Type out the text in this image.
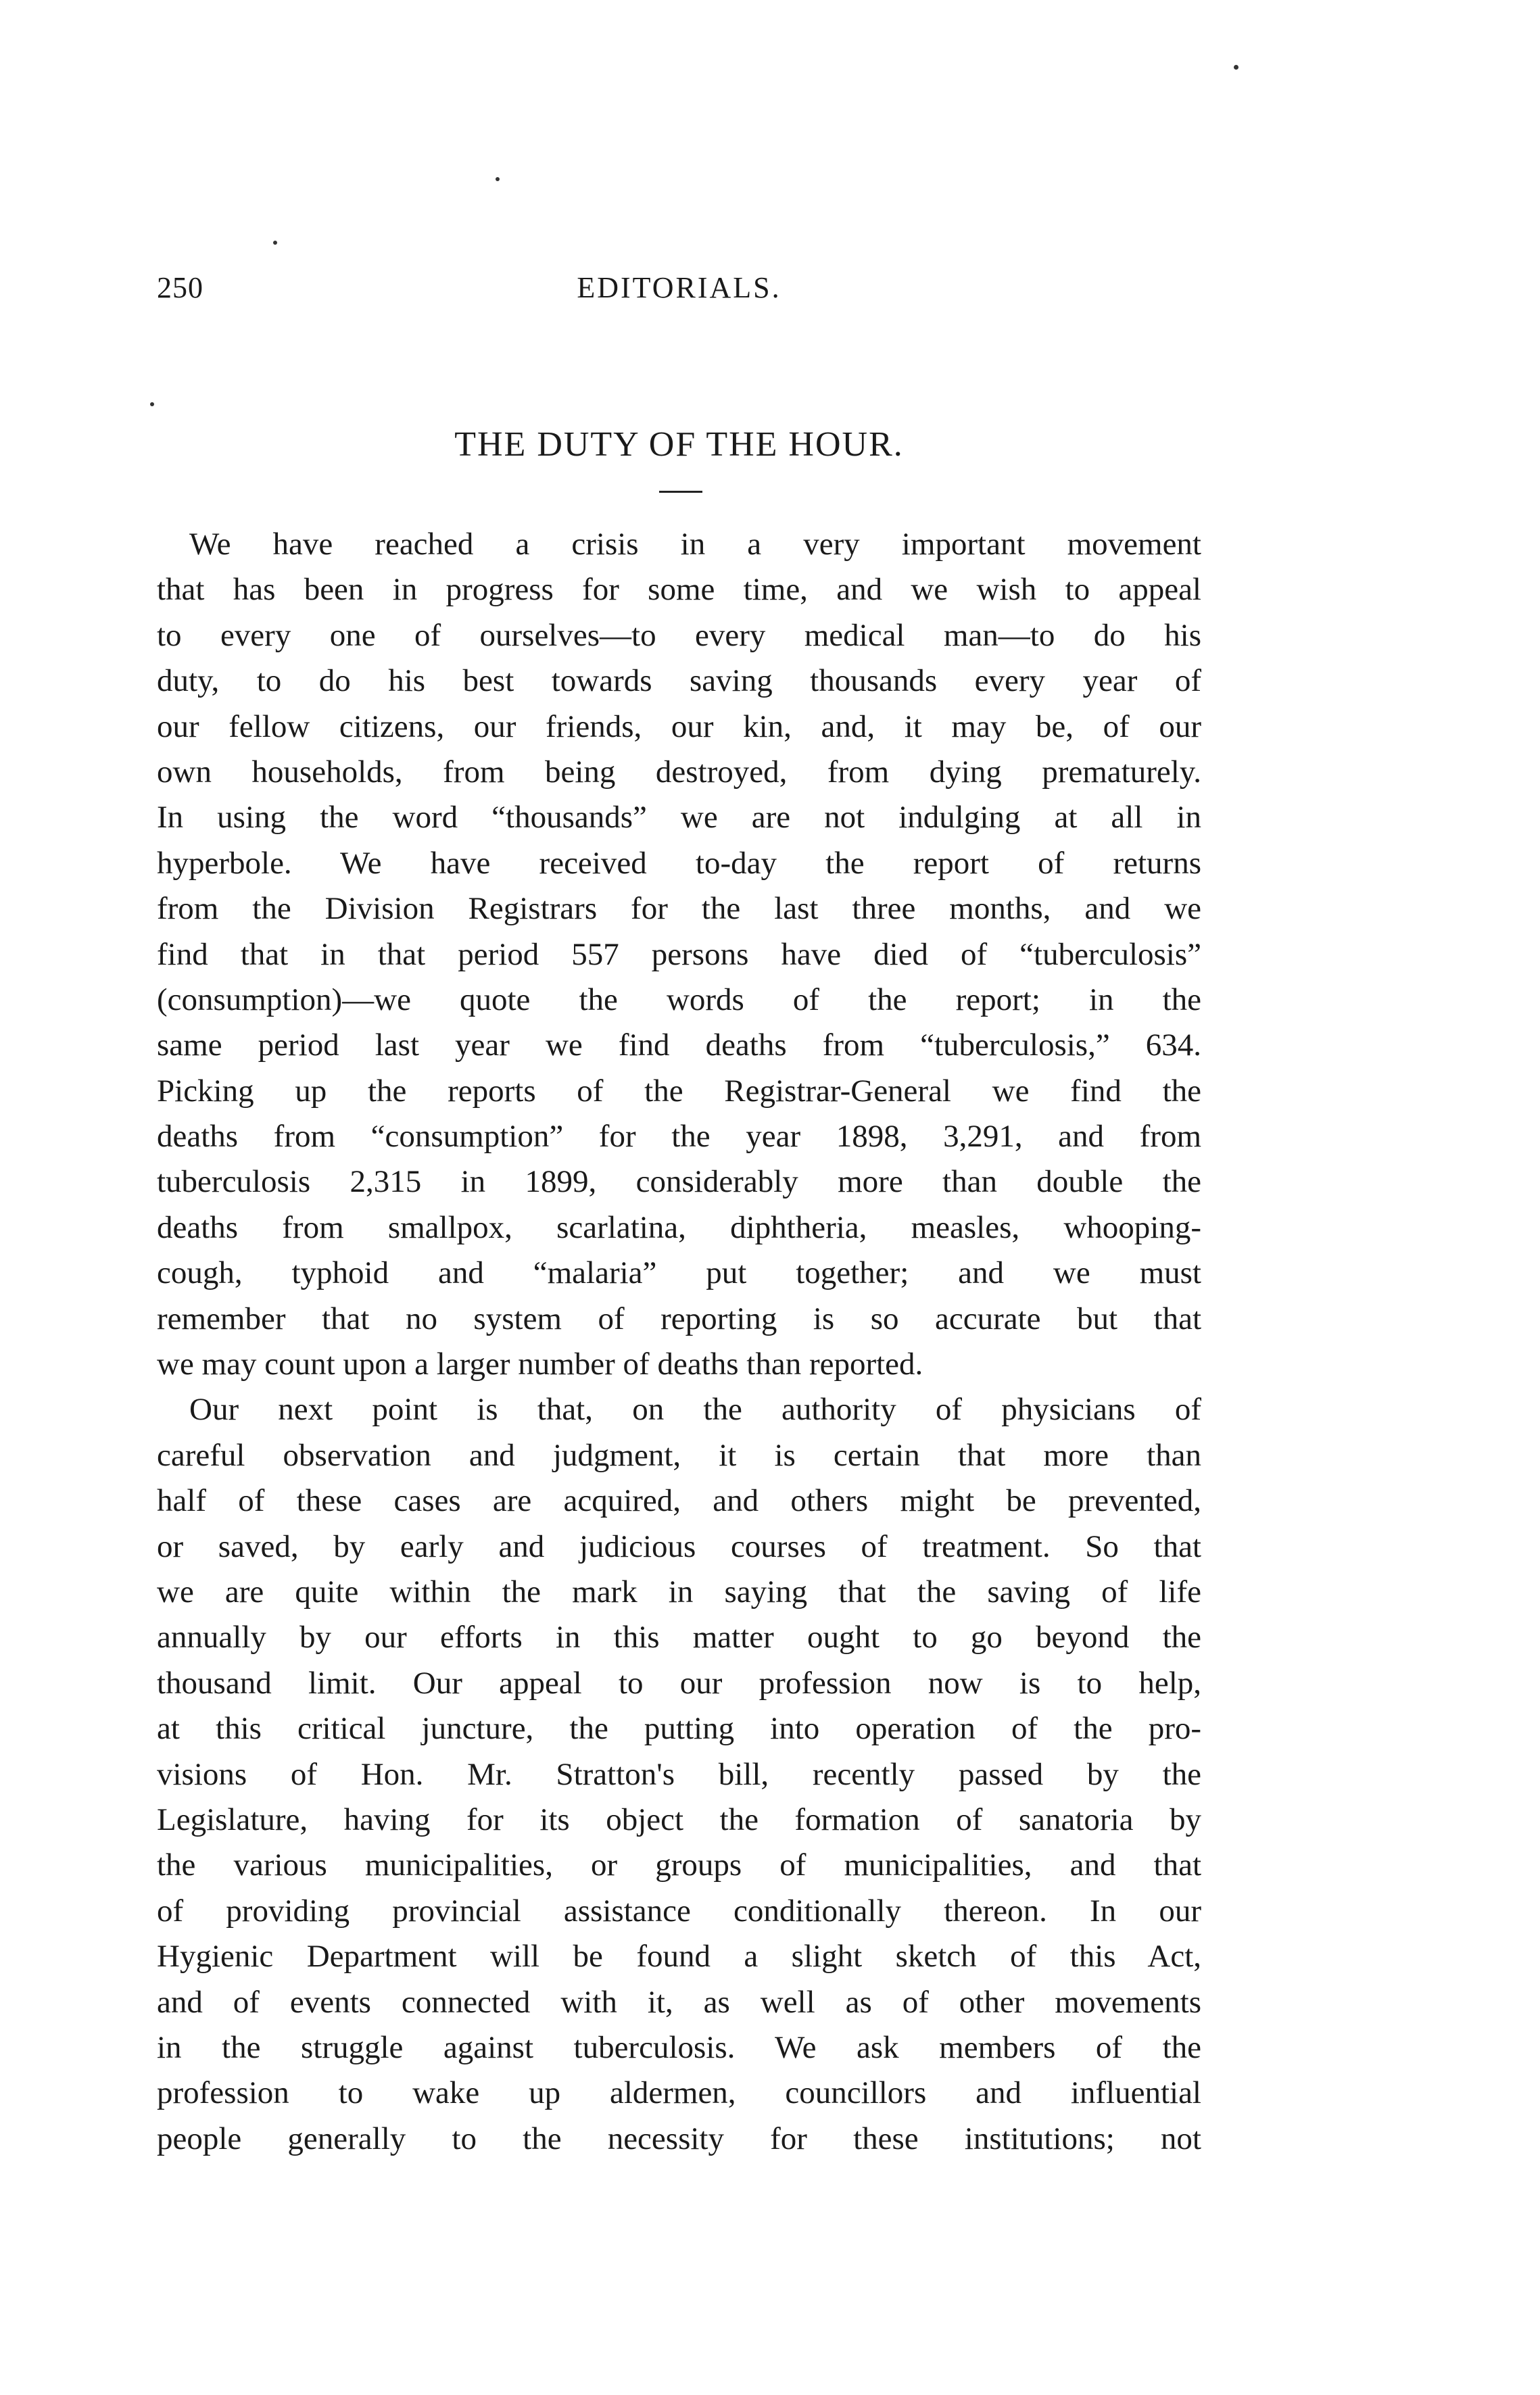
250	EDITORIALS.
THE DUTY OF THE HOUR.
We have reached a crisis in a very important movement
that has been in progress for some time, and we wish to appeal
to every one of ourselves—to every medical man—to do his
duty, to do his best towards saving thousands every year of
our fellow citizens, our friends, our kin, and, it may be, of our
own households, from being destroyed, from dying prematurely.
In using the word “thousands” we are not indulging at all in
hyperbole. We have received to-day the report of returns
from the Division Registrars for the last three months, and we
find that in that period 557 persons have died of “tuberculosis”
(consumption)—we quote the words of the report; in the
same period last year we find deaths from “tuberculosis,” 634.
Picking up the reports of the Registrar-General we find the
deaths from “consumption” for the year 1898, 3,291, and from
tuberculosis 2,315 in 1899, considerably more than double the
deaths from smallpox, scarlatina, diphtheria, measles, whooping-
cough, typhoid and “malaria” put together; and we must
remember that no system of reporting is so accurate but that
we may count upon a larger number of deaths than reported.
Our next point is that, on the authority of physicians of
careful observation and judgment, it is certain that more than
half of these cases are acquired, and others might be prevented,
or saved, by early and judicious courses of treatment. So that
we are quite within the mark in saying that the saving of life
annually by our efforts in this matter ought to go beyond the
thousand limit. Our appeal to our profession now is to help,
at this critical juncture, the putting into operation of the pro-
visions of Hon. Mr. Stratton's bill, recently passed by the
Legislature, having for its object the formation of sanatoria by
the various municipalities, or groups of municipalities, and that
of providing provincial assistance conditionally thereon. In our
Hygienic Department will be found a slight sketch of this Act,
and of events connected with it, as well as of other movements
in the struggle against tuberculosis. We ask members of the
profession to wake up aldermen, councillors and influential
people generally to the necessity for these institutions; not
